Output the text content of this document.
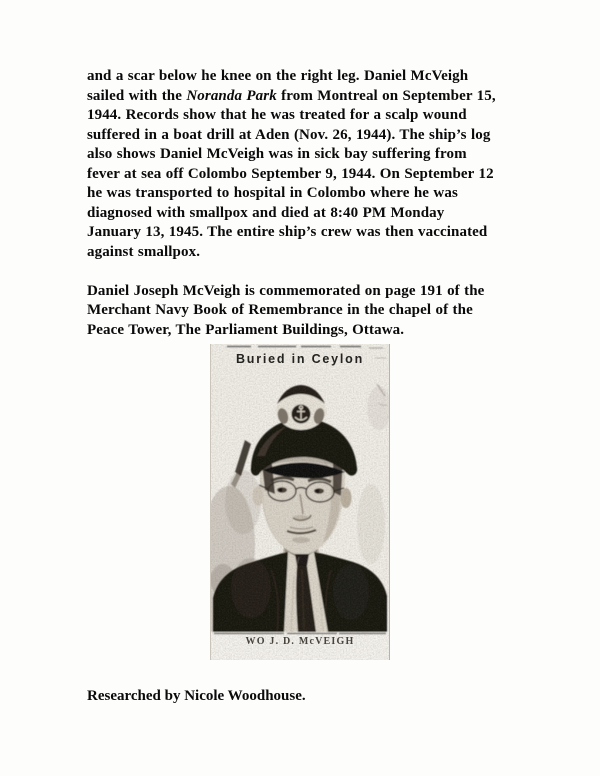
and a scar below he knee on the right leg. Daniel McVeigh
sailed with the Noranda Park from Montreal on September 15,
1944. Records show that he was treated for a scalp wound
suffered in a boat drill at Aden (Nov. 26, 1944). The ship’s log
also shows Daniel McVeigh was in sick bay suffering from
fever at sea off Colombo September 9, 1944. On September 12
he was transported to hospital in Colombo where he was
diagnosed with smallpox and died at 8:40 PM Monday
January 13, 1945. The entire ship’s crew was then vaccinated
against smallpox.

Daniel Joseph McVeigh is commemorated on page 191 of the
Merchant Navy Book of Remembrance in the chapel of the
Peace Tower, The Parliament Buildings, Ottawa.

Buried in Ceylon
WO J. D. McVEIGH
Researched by Nicole Woodhouse.
